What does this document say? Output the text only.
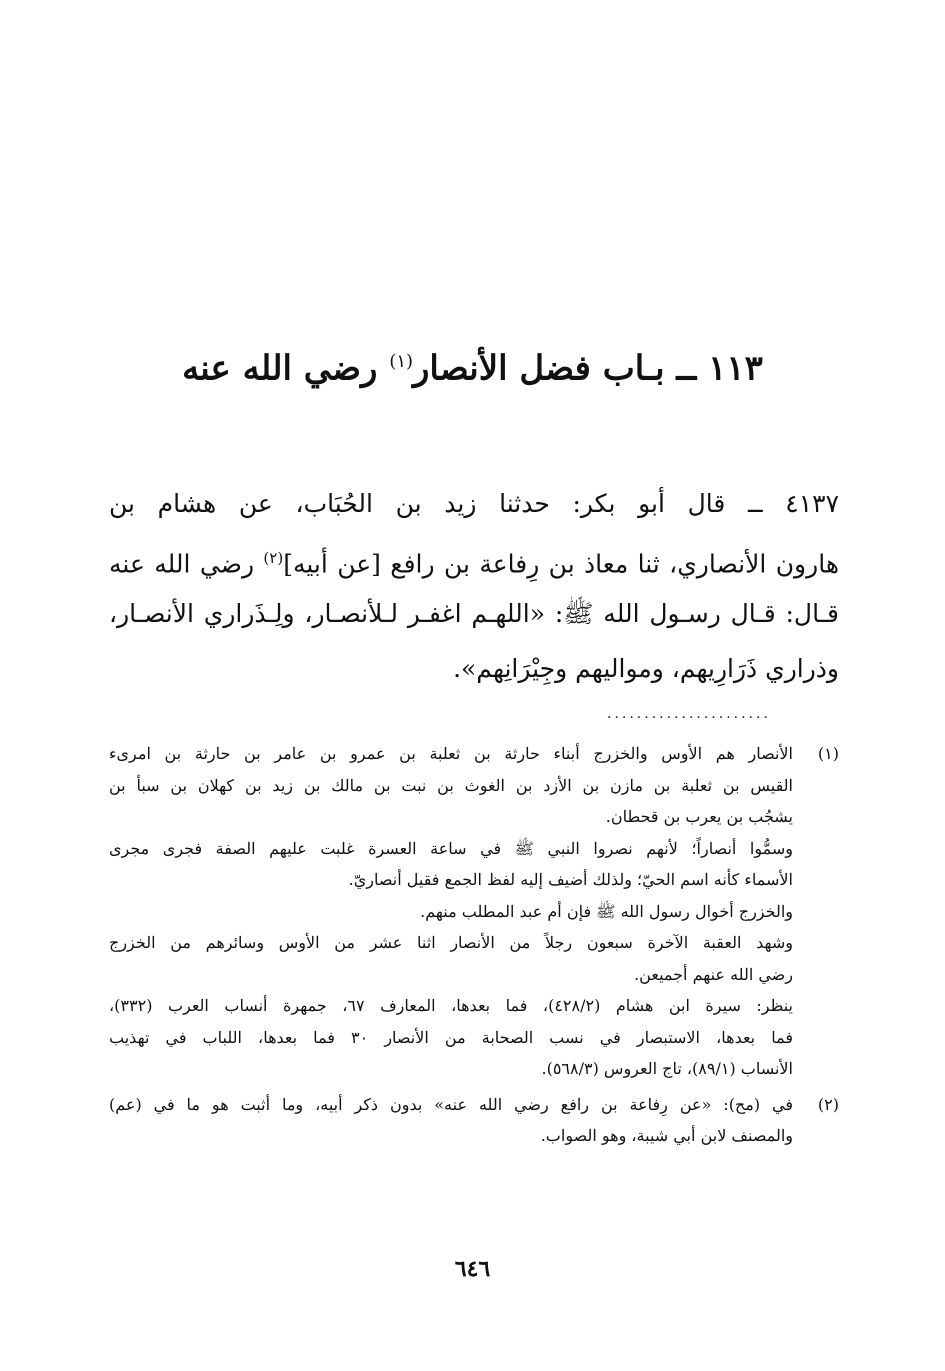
١١٣ ــ بـاب فضل الأنصار$^{(١)}$ رضي الله عنه
٤١٣٧ ــ قال أبو بكر: حدثنا زيد بن الحُبَاب، عن هشام بن
هارون الأنصاري، ثنا معاذ بن رِفاعة بن رافع [عن أبيه]$^{(٢)}$ رضي الله عنه
قـال: قـال رسـول الله ﷺ: «اللهـم اغفـر لـلأنصـار، ولِـذَراري الأنصـار،
وذراري ذَرَارِيهم، ومواليهم وجِيْرَانِهم».
......................
(١)
الأنصار هم الأوس والخزرج أبناء حارثة بن ثعلبة بن عمرو بن عامر بن حارثة بن امرىء
القيس بن ثعلبة بن مازن بن الأزد بن الغوث بن نبت بن مالك بن زيد بن كهلان بن سبأ بن
يشجُب بن يعرب بن قحطان.
وسمُّوا أنصاراً؛ لأنهم نصروا النبي ﷺ في ساعة العسرة غلبت عليهم الصفة فجرى مجرى
الأسماء كأنه اسم الحيّ؛ ولذلك أضيف إليه لفظ الجمع فقيل أنصاريّ.
والخزرج أخوال رسول الله ﷺ فإن أم عبد المطلب منهم.
وشهد العقبة الآخرة سبعون رجلاً من الأنصار اثنا عشر من الأوس وسائرهم من الخزرج
رضي الله عنهم أجميعن.
ينظر: سيرة ابن هشام (٤٢٨/٢)، فما بعدها، المعارف ٦٧، جمهرة أنساب العرب (٣٣٢)،
فما بعدها، الاستبصار في نسب الصحابة من الأنصار ٣٠ فما بعدها، اللباب في تهذيب
الأنساب (٨٩/١)، تاج العروس (٥٦٨/٣).
(٢)
في (مح): «عن رِفاعة بن رافع رضي الله عنه» بدون ذكر أبيه، وما أثبت هو ما في (عم)
والمصنف لابن أبي شيبة، وهو الصواب.
٦٤٦
